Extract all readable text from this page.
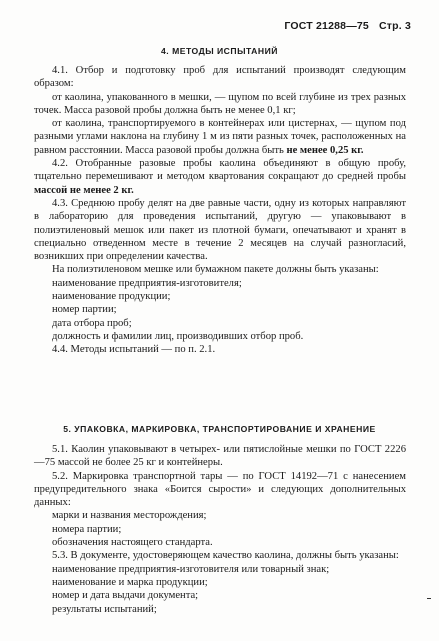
ГОСТ 21288—75 Стр. 3
4. МЕТОДЫ ИСПЫТАНИЙ

4.1. Отбор и подготовку проб для испытаний производят следующим образом:

от каолина, упакованного в мешки, — щупом по всей глубине из трех разных точек. Масса разовой пробы должна быть не менее 0,1 кг;

от каолина, транспортируемого в контейнерах или цистернах, — щупом под разными углами наклона на глубину 1 м из пяти разных точек, расположенных на равном расстоянии. Масса разовой пробы должна быть не менее 0,25 кг.

4.2. Отобранные разовые пробы каолина объединяют в общую пробу, тщательно перемешивают и методом квартования сокращают до средней пробы массой не менее 2 кг.

4.3. Среднюю пробу делят на две равные части, одну из которых направляют в лабораторию для проведения испытаний, другую — упаковывают в полиэтиленовый мешок или пакет из плотной бумаги, опечатывают и хранят в специально отведенном месте в течение 2 месяцев на случай разногласий, возникших при определении качества.

На полиэтиленовом мешке или бумажном пакете должны быть указаны:

наименование предприятия-изготовителя;

наименование продукции;

номер партии;

дата отбора проб;

должность и фамилии лиц, производивших отбор проб.

4.4. Методы испытаний — по п. 2.1.

5. УПАКОВКА, МАРКИРОВКА, ТРАНСПОРТИРОВАНИЕ И ХРАНЕНИЕ

5.1. Каолин упаковывают в четырех- или пятислойные мешки по ГОСТ 2226—75 массой не более 25 кг и контейнеры.

5.2. Маркировка транспортной тары — по ГОСТ 14192—71 с нанесением предупредительного знака «Боится сырости» и следующих дополнительных данных:

марки и названия месторождения;

номера партии;

обозначения настоящего стандарта.

5.3. В документе, удостоверяющем качество каолина, должны быть указаны:

наименование предприятия-изготовителя или товарный знак;

наименование и марка продукции;

номер и дата выдачи документа;

результаты испытаний;
